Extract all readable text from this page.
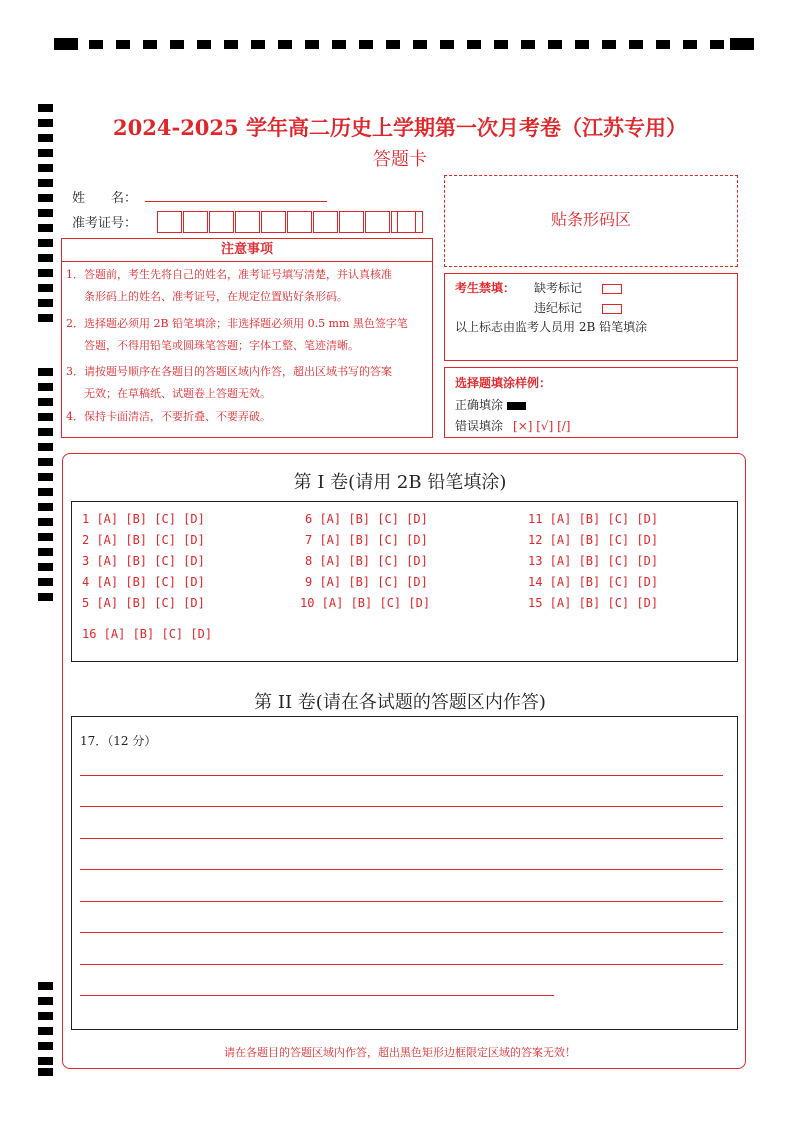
2024-2025 学年高二历史上学期第一次月考卷（江苏专用）
答题卡
姓　　名：
准考证号：	贴条形码区
注意事项
1．答题前，考生先将自己的姓名，准考证号填写清楚，并认真核准
条形码上的姓名、准考证号，在规定位置贴好条形码。
2．选择题必须用 2B 铅笔填涂；非选择题必须用 0.5 mm 黑色签字笔
答题，不得用铅笔或圆珠笔答题；字体工整、笔迹清晰。
3．请按题号顺序在各题目的答题区域内作答，超出区域书写的答案
无效；在草稿纸、试题卷上答题无效。
4．保持卡面清洁，不要折叠、不要弄破。
考生禁填： 缺考标记
违纪标记
以上标志由监考人员用 2B 铅笔填涂
选择题填涂样例：
正确填涂
错误填涂 [×] [√] [/]
第 I 卷(请用 2B 铅笔填涂)
1 [A] [B] [C] [D]
2 [A] [B] [C] [D]
3 [A] [B] [C] [D]
4 [A] [B] [C] [D]
5 [A] [B] [C] [D]
6 [A] [B] [C] [D]
7 [A] [B] [C] [D]
8 [A] [B] [C] [D]
9 [A] [B] [C] [D]
10 [A] [B] [C] [D]
11 [A] [B] [C] [D]
12 [A] [B] [C] [D]
13 [A] [B] [C] [D]
14 [A] [B] [C] [D]
15 [A] [B] [C] [D]
16 [A] [B] [C] [D]
第 II 卷(请在各试题的答题区内作答)
17．（12 分）
请在各题目的答题区域内作答，超出黑色矩形边框限定区域的答案无效！
